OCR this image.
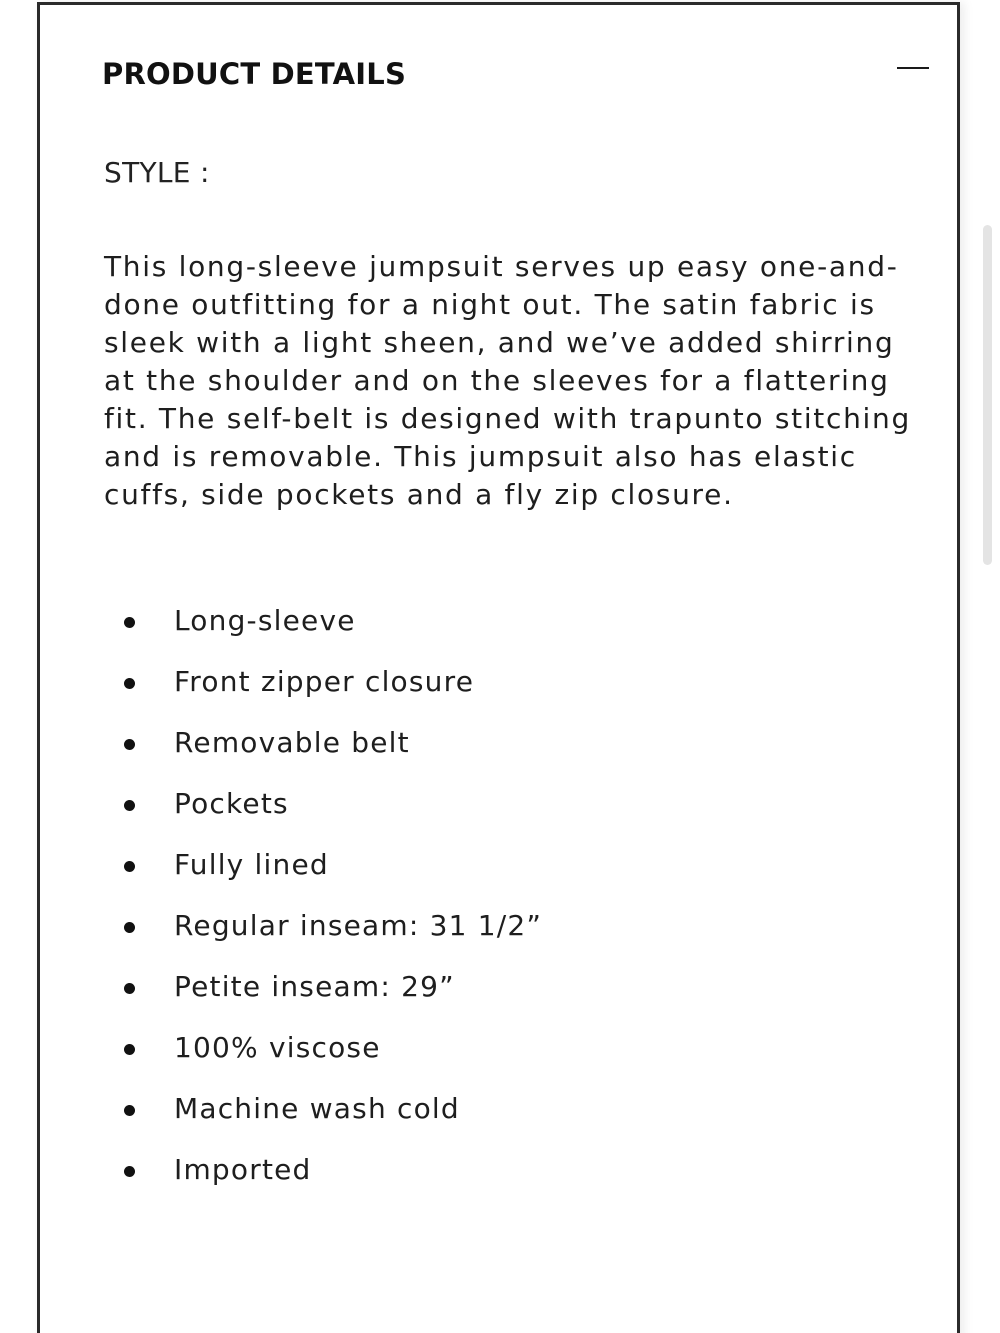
PRODUCT DETAILS
STYLE :

This long-sleeve jumpsuit serves up easy one-and-done outfitting for a night out. The satin fabric is sleek with a light sheen, and we’ve added shirring at the shoulder and on the sleeves for a flattering fit. The self-belt is designed with trapunto stitching and is removable. This jumpsuit also has elastic cuffs, side pockets and a fly zip closure.

Long-sleeve
Front zipper closure
Removable belt
Pockets
Fully lined
Regular inseam: 31 1/2”
Petite inseam: 29”
100% viscose
Machine wash cold
Imported
